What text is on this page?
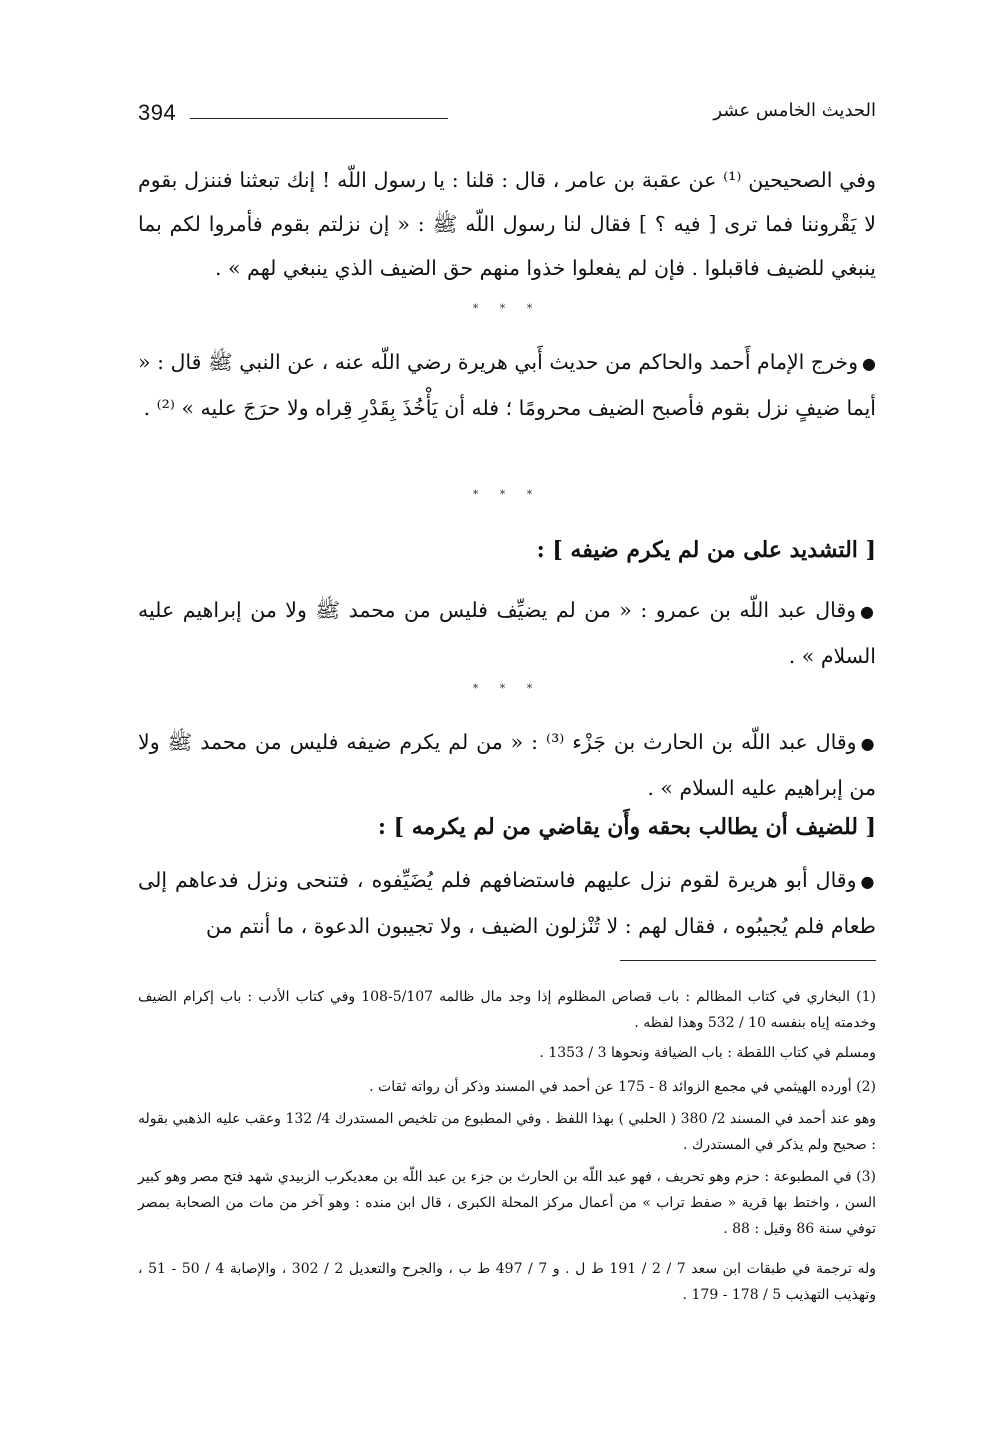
394	الحديث الخامس عشر
وفي الصحيحين ⁽¹⁾ عن عقبة بن عامر ، قال : قلنا : يا رسول اللّه ! إنك تبعثنا فننزل بقوم لا يَقْروننا فما ترى [ فيه ؟ ] فقال لنا رسول اللّه ﷺ : « إن نزلتم بقوم فأمروا لكم بما ينبغي للضيف فاقبلوا . فإن لم يفعلوا خذوا منهم حق الضيف الذي ينبغي لهم » .
* * *
●وخرج الإمام أَحمد والحاكم من حديث أَبي هريرة رضي اللّه عنه ، عن النبي ﷺ قال : « أيما ضيفٍ نزل بقوم فأصبح الضيف محرومًا ؛ فله أن يَأْخُذَ بِقَدْرِ قِراه ولا حرَجَ عليه » ⁽²⁾ .
* * *
[ التشديد على من لم يكرم ضيفه ] :
●وقال عبد اللّه بن عمرو : « من لم يضيِّف فليس من محمد ﷺ ولا من إبراهيم عليه السلام » .
* * *
●وقال عبد اللّه بن الحارث بن جَزْء ⁽³⁾ : « من لم يكرم ضيفه فليس من محمد ﷺ ولا من إبراهيم عليه السلام » .
[ للضيف أن يطالب بحقه وأَن يقاضي من لم يكرمه ] :
●وقال أبو هريرة لقوم نزل عليهم فاستضافهم فلم يُضَيِّفوه ، فتنحى ونزل فدعاهم إلى طعام فلم يُجيبُوه ، فقال لهم : لا تُنْزلون الضيف ، ولا تجيبون الدعوة ، ما أنتم من
(1) البخاري في كتاب المظالم : باب قصاص المظلوم إذا وجد مال ظالمه 5/107-108 وفي كتاب الأدب : باب إكرام الضيف وخدمته إياه بنفسه 10 / 532 وهذا لفظه .
ومسلم في كتاب اللقطة : باب الضيافة ونحوها 3 / 1353 .
(2) أورده الهيثمي في مجمع الزوائد 8 - 175 عن أحمد في المسند وذكر أن رواته ثقات .
وهو عند أحمد في المسند 2/ 380 ( الحلبي ) بهذا اللفظ . وفي المطبوع من تلخيص المستدرك 4/ 132 وعقب عليه الذهبي بقوله : صحيح ولم يذكر في المستدرك .
(3) في المطبوعة : حزم وهو تحريف ، فهو عبد اللّه بن الحارث بن جزء بن عبد اللّه بن معديكرب الزبيدي شهد فتح مصر وهو كبير السن ، واختط بها قرية « صفط تراب » من أعمال مركز المحلة الكبرى ، قال ابن منده : وهو آخر من مات من الصحابة بمصر توفي سنة 86 وقيل : 88 .
وله ترجمة في طبقات ابن سعد 7 / 2 / 191 ط ل . و 7 / 497 ط ب ، والجرح والتعديل 2 / 302 ، والإصابة 4 / 50 - 51 ، وتهذيب التهذيب 5 / 178 - 179 .
